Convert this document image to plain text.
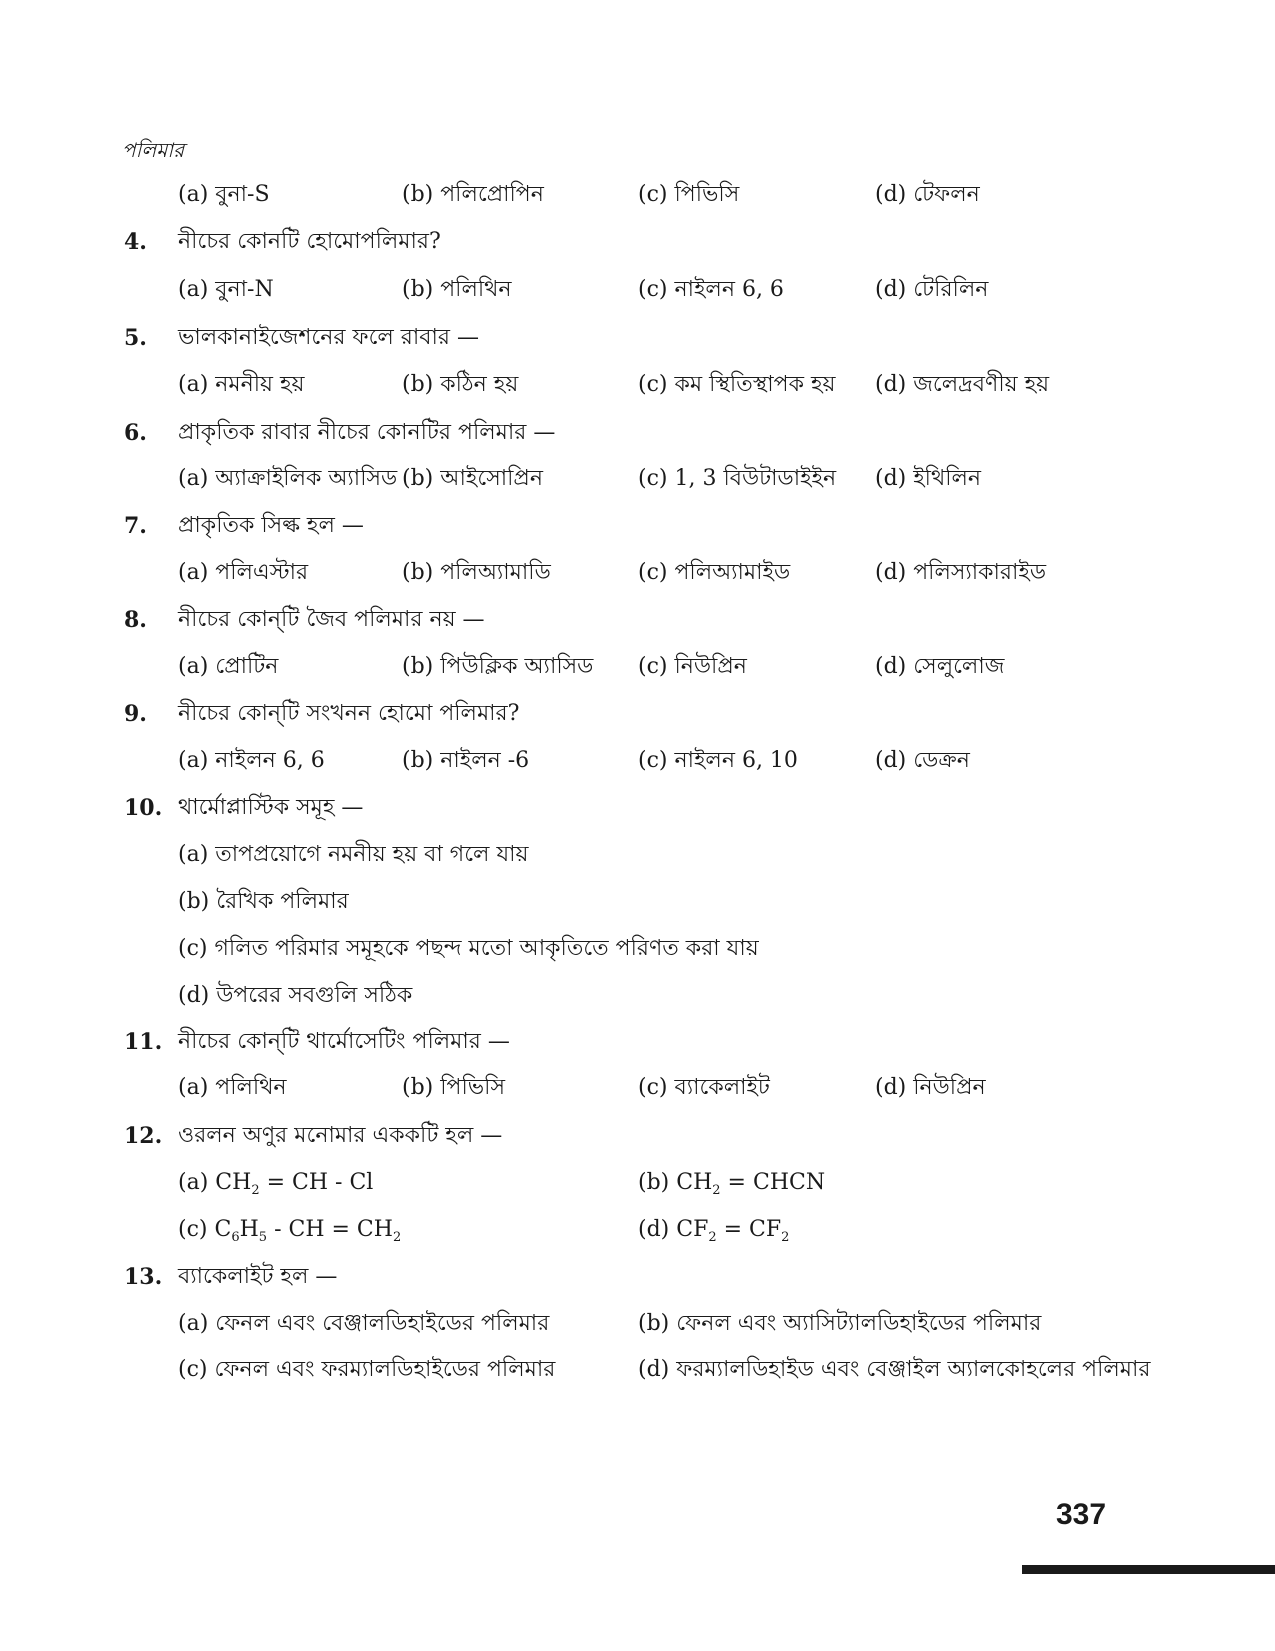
পলিমার
(a) বুনা-S	(b) পলিপ্রোপিন	(c) পিভিসি	(d) টেফলন
4.	নীচের কোনটি হোমোপলিমার?
(a) বুনা-N	(b) পলিথিন	(c) নাইলন 6, 6	(d) টেরিলিন
5.	ভালকানাইজেশনের ফলে রাবার —
(a) নমনীয় হয়	(b) কঠিন হয়	(c) কম স্থিতিস্থাপক হয় (d) জলেদ্রবণীয় হয়
6.	প্রাকৃতিক রাবার নীচের কোনটির পলিমার —
(a) অ্যাক্রাইলিক অ্যাসিড (b) আইসোপ্রিন	(c) 1, 3 বিউটাডাইইন (d) ইথিলিন
7.	প্রাকৃতিক সিল্ক হল —
(a) পলিএস্টার	(b) পলিঅ্যামাডি	(c) পলিঅ্যামাইড	(d) পলিস্যাকারাইড
8.	নীচের কোন্‌টি জৈব পলিমার নয় —
(a) প্রোটিন	(b) পিউক্লিক অ্যাসিড (c) নিউপ্রিন	(d) সেলুলোজ
9.	নীচের কোন্‌টি সংখনন হোমো পলিমার?
(a) নাইলন 6, 6	(b) নাইলন -6	(c) নাইলন 6, 10	(d) ডেক্রন
10. থার্মোপ্লাস্টিক সমূহ —
(a) তাপপ্রয়োগে নমনীয় হয় বা গলে যায়
(b) রৈখিক পলিমার
(c) গলিত পরিমার সমূহকে পছন্দ মতো আকৃতিতে পরিণত করা যায়
(d) উপরের সবগুলি সঠিক
11. নীচের কোন্‌টি থার্মোসেটিং পলিমার —
(a) পলিথিন	(b) পিভিসি	(c) ব্যাকেলাইট	(d) নিউপ্রিন
12. ওরলন অণুর মনোমার এককটি হল —
(a) $CH_2$ = CH - Cl	(b) $CH_2$ = CHCN
(c) $C_6H_5$ - CH = $CH_2$	(d) $CF_2 = CF_2$
13. ব্যাকেলাইট হল —
(a) ফেনল এবং বেঞ্জালডিহাইডের পলিমার	(b) ফেনল এবং অ্যাসিট্যালডিহাইডের পলিমার
(c) ফেনল এবং ফরম্যালডিহাইডের পলিমার	(d) ফরম্যালডিহাইড এবং বেঞ্জাইল অ্যালকোহলের পলিমার
337
